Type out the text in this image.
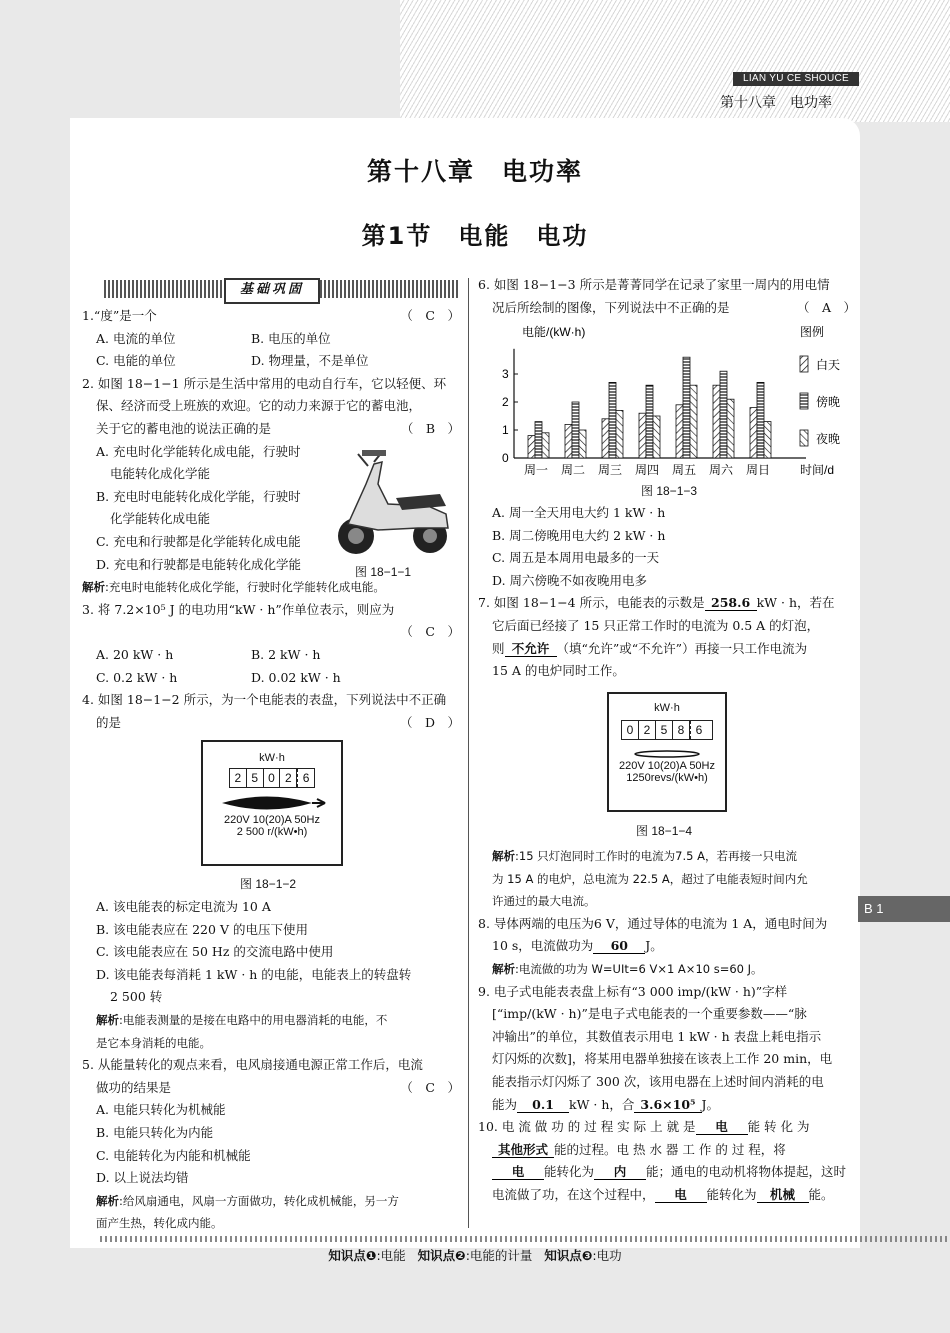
LIAN YU CE SHOUCE
第十八章　电功率
第十八章　电功率
第1节　电能　电功
基础巩固

1.“度”是一个	（　C　）

A. 电流的单位	B. 电压的单位
C. 电能的单位	D. 物理量，不是单位

2. 如图 18−1−1 所示是生活中常用的电动自行车，它以轻便、环

保、经济而受上班族的欢迎。它的动力来源于它的蓄电池，

关于它的蓄电池的说法正确的是	（　B　）

A. 充电时化学能转化成电能，行驶时

电能转化成化学能

B. 充电时电能转化成化学能，行驶时

化学能转化成电能

C. 充电和行驶都是化学能转化成电能

D. 充电和行驶都是电能转化成化学能

解析:充电时电能转化成化学能，行驶时化学能转化成电能。

3. 将 7.2×10⁵ J 的电功用“kW · h”作单位表示，则应为

（　C　）

A. 20 kW · h	B. 2 kW · h
C. 0.2 kW · h	D. 0.02 kW · h

4. 如图 18−1−2 所示，为一个电能表的表盘，下列说法中不正确

的是	（　D　）

图 18−1−1
kW·h
2 5 0 2 6
220V 10(20)A 50Hz
2 500 r/(kW•h)
图 18−1−2

A. 该电能表的标定电流为 10 A

B. 该电能表应在 220 V 的电压下使用

C. 该电能表应在 50 Hz 的交流电路中使用

D. 该电能表每消耗 1 kW · h 的电能，电能表上的转盘转

2 500 转

解析:电能表测量的是接在电路中的用电器消耗的电能，不

是它本身消耗的电能。

5. 从能量转化的观点来看，电风扇接通电源正常工作后，电流

做功的结果是	（　C　）

A. 电能只转化为机械能

B. 电能只转化为内能

C. 电能转化为内能和机械能

D. 以上说法均错

解析:给风扇通电，风扇一方面做功，转化成机械能，另一方

面产生热，转化成内能。

6. 如图 18−1−3 所示是菁菁同学在记录了家里一周内的用电情

况后所绘制的图像，下列说法中不正确的是	（　A　）

电能/(kW·h)
时间/d
0
1
2
3
周一 周二 周三 周四 周五 周六 周日
图例
白天
傍晚
夜晚
图 18−1−3

A. 周一全天用电大约 1 kW · h

B. 周二傍晚用电大约 2 kW · h

C. 周五是本周用电最多的一天

D. 周六傍晚不如夜晚用电多

7. 如图 18−1−4 所示，电能表的示数是 258.6 kW · h，若在

它后面已经接了 15 只正常工作时的电流为 0.5 A 的灯泡，

则 不允许 （填“允许”或“不允许”）再接一只工作电流为

15 A 的电炉同时工作。

kW·h
0 2 5 8 6
220V 10(20)A 50Hz
1250revs/(kW•h)
图 18−1−4

解析:15 只灯泡同时工作时的电流为7.5 A，若再接一只电流

为 15 A 的电炉，总电流为 22.5 A，超过了电能表短时间内允

许通过的最大电流。

8. 导体两端的电压为6 V，通过导体的电流为 1 A，通电时间为

10 s，电流做功为 60 J。

解析:电流做的功为 W=UIt=6 V×1 A×10 s=60 J。

9. 电子式电能表表盘上标有“3 000 imp/(kW · h)”字样

[“imp/(kW · h)”是电子式电能表的一个重要参数——“脉

冲输出”的单位，其数值表示用电 1 kW · h 表盘上耗电指示

灯闪烁的次数]，将某用电器单独接在该表上工作 20 min，电

能表指示灯闪烁了 300 次，该用电器在上述时间内消耗的电

能为 0.1 kW · h，合 3.6×10⁵ J。

10. 电 流 做 功 的 过 程 实 际 上 就 是 电 能 转 化 为

其他形式 能的过程。电 热 水 器 工 作 的 过 程，将

电 能转化为 内 能；通电的电动机将物体提起，这时

电流做了功，在这个过程中， 电 能转化为 机械 能。

B 1
知识点❶:电能 知识点❷:电能的计量 知识点❸:电功
